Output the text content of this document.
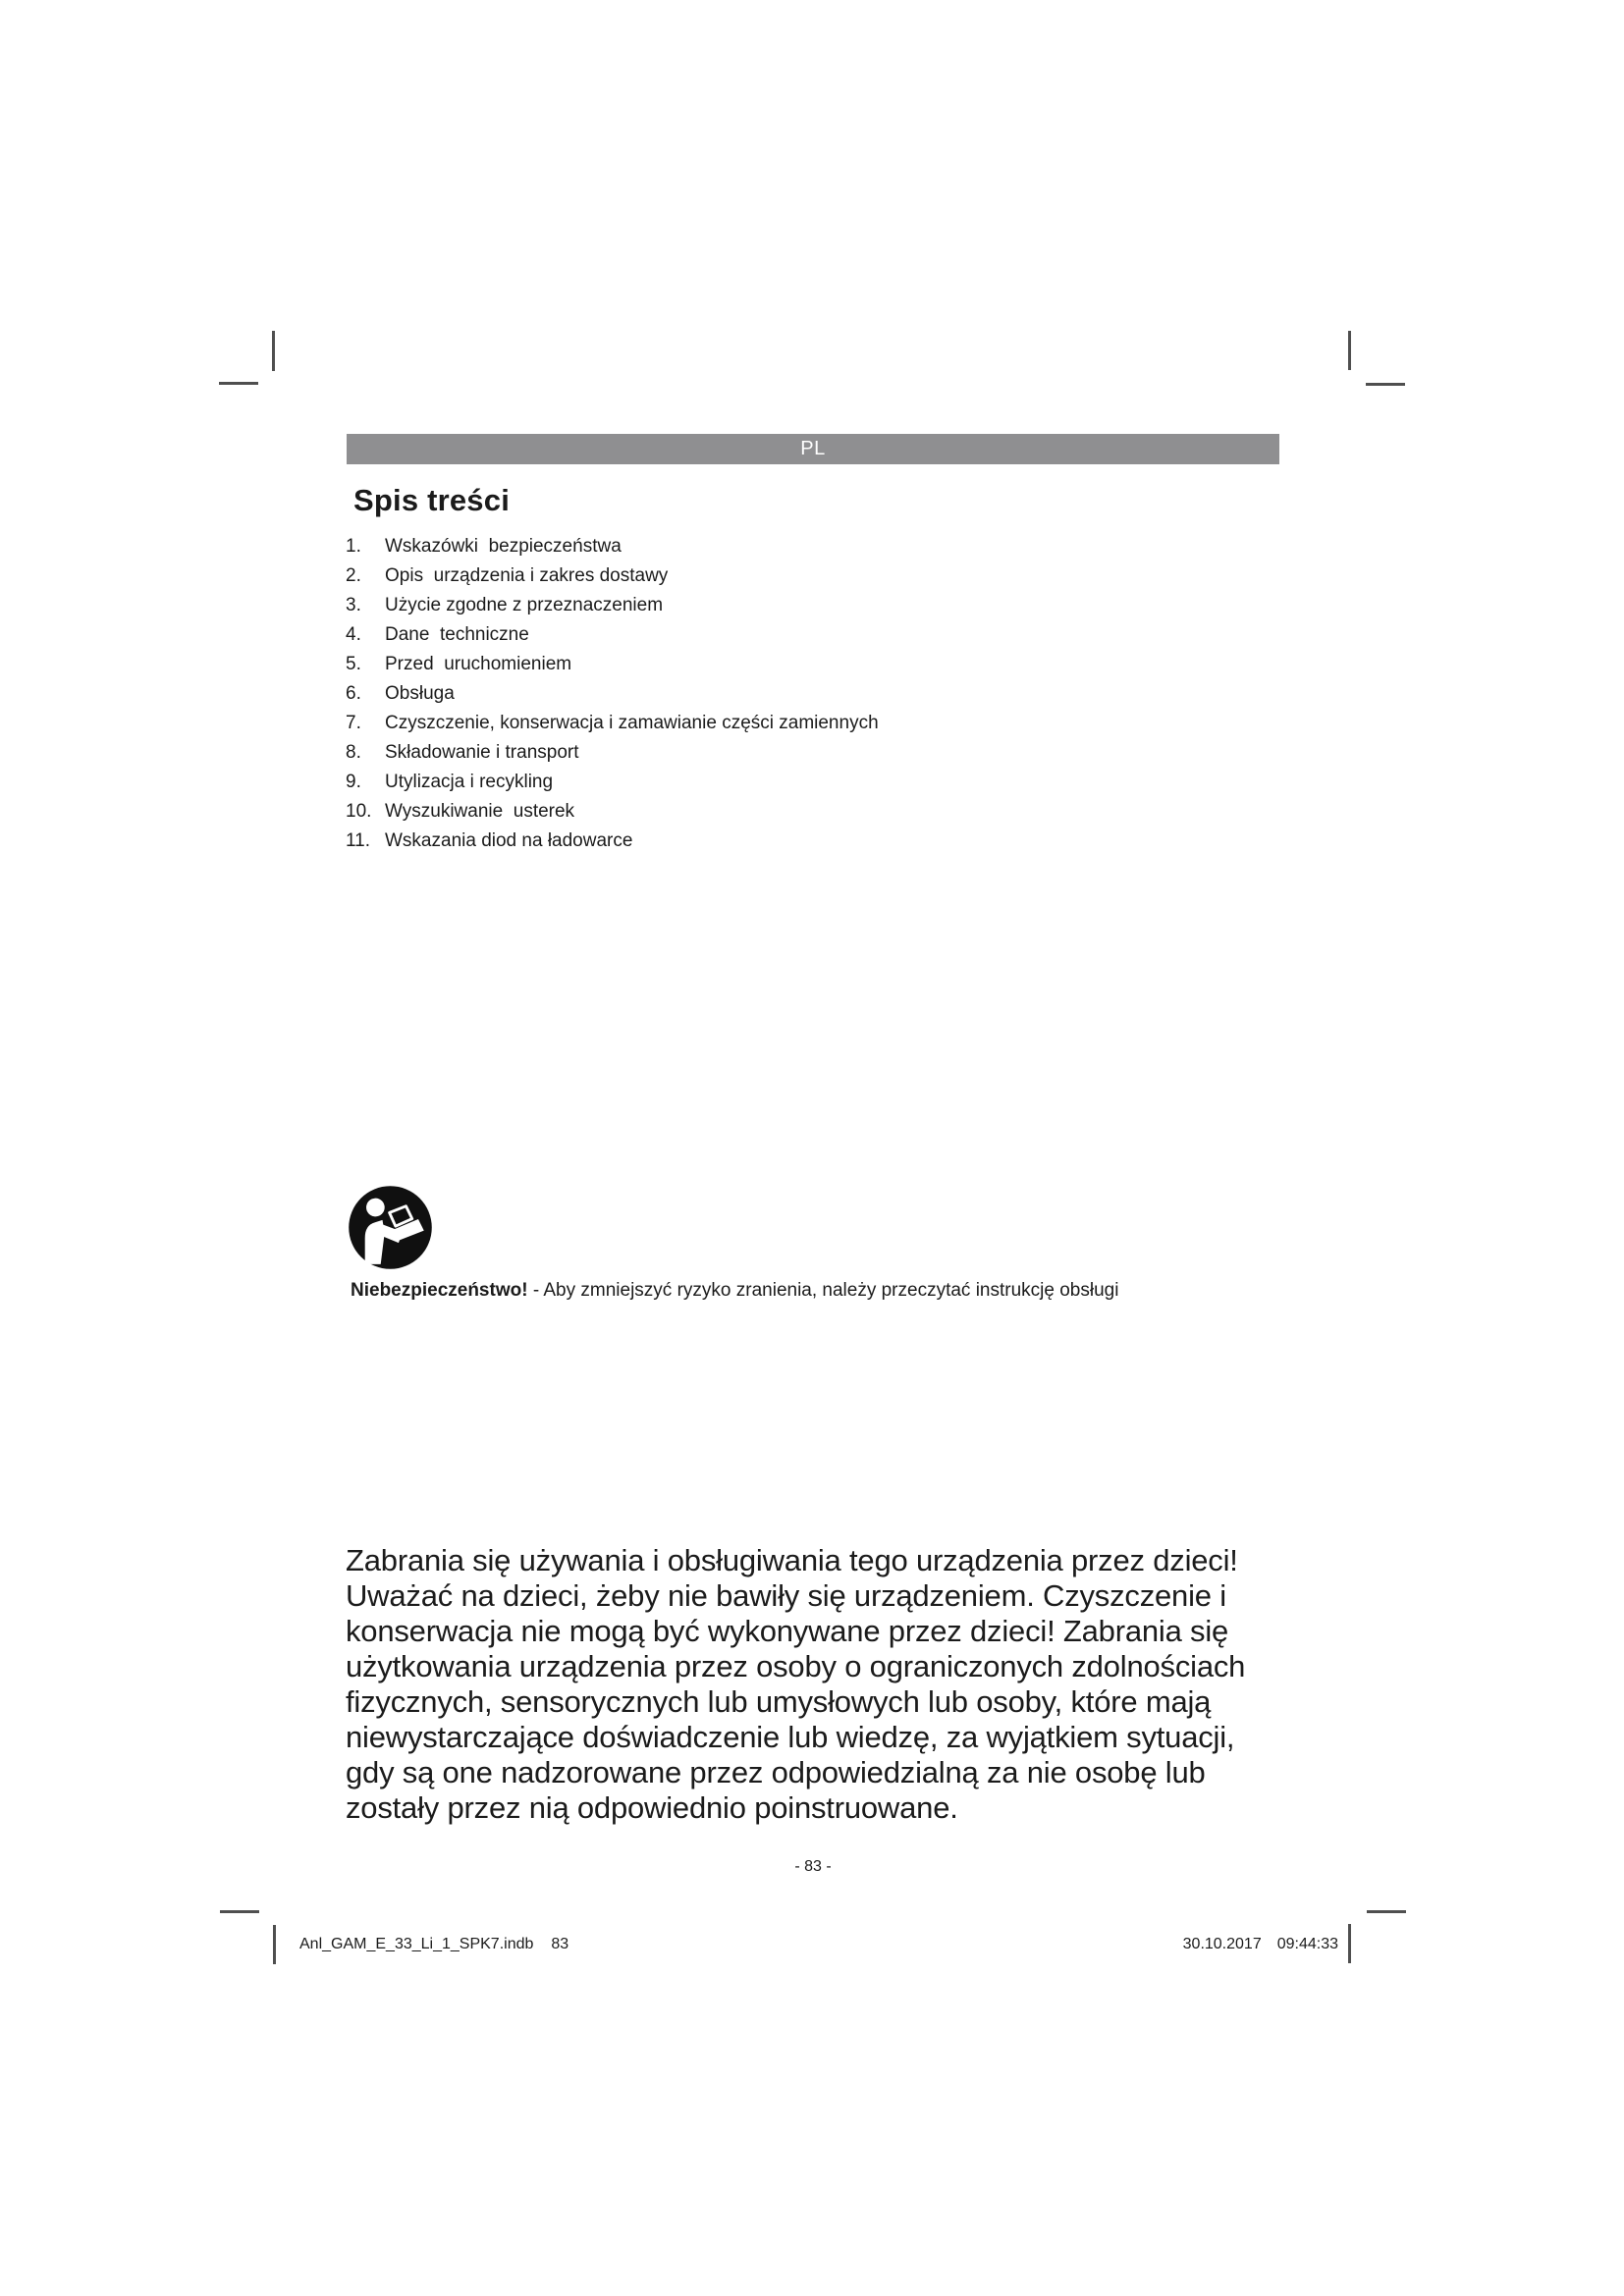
PL
Spis treści
1.	Wskazówki  bezpieczeństwa
2.	Opis  urządzenia i zakres dostawy
3.	Użycie zgodne z przeznaczeniem
4.	Dane  techniczne
5.	Przed  uruchomieniem
6.	Obsługa
7.	Czyszczenie, konserwacja i zamawianie części zamiennych
8.	Składowanie i transport
9.	Utylizacja i recykling
10. Wyszukiwanie  usterek
11. Wskazania diod na ładowarce
Niebezpieczeństwo! - Aby zmniejszyć ryzyko zranienia, należy przeczytać instrukcję obsługi
Zabrania się używania i obsługiwania tego urządzenia przez dzieci!
Uważać na dzieci, żeby nie bawiły się urządzeniem. Czyszczenie i
konserwacja nie mogą być wykonywane przez dzieci! Zabrania się
użytkowania urządzenia przez osoby o ograniczonych zdolnościach
fizycznych, sensorycznych lub umysłowych lub osoby, które mają
niewystarczające doświadczenie lub wiedzę, za wyjątkiem sytuacji,
gdy są one nadzorowane przez odpowiedzialną za nie osobę lub
zostały przez nią odpowiednio poinstruowane.
- 83 -
Anl_GAM_E_33_Li_1_SPK7.indb 83	30.10.2017 09:44:33
